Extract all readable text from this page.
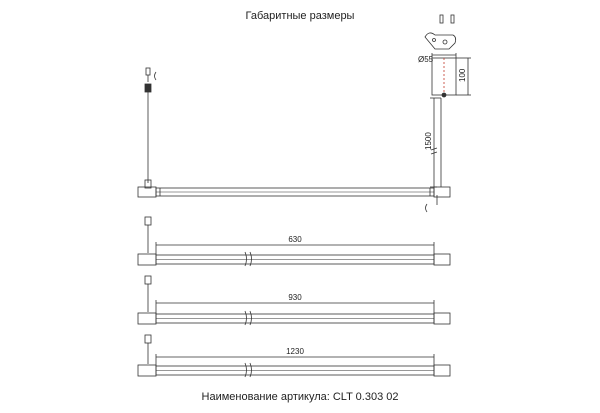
Габаритные размеры
Ø55
100
1500
630
930
1230
Наименование артикула: CLT 0.303 02
